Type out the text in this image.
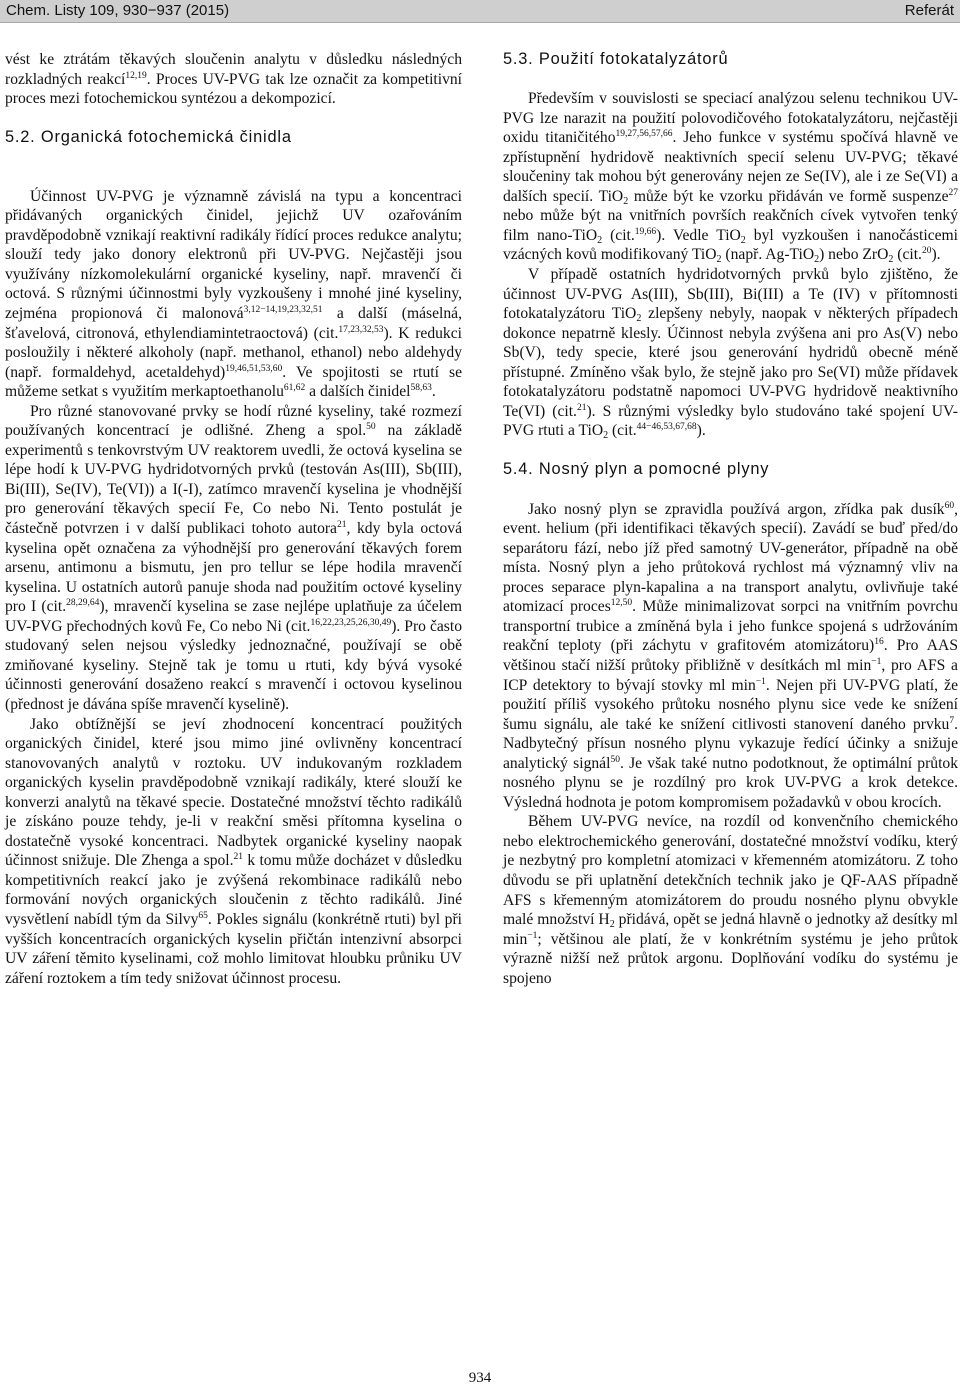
Chem. Listy 109, 930−937 (2015)	Referát

vést ke ztrátám těkavých sloučenin analytu v důsledku následných rozkladných reakcí$^{12,19}$. Proces UV-PVG tak lze označit za kompetitivní proces mezi fotochemickou syntézou a dekompozicí.

5.2. Organická fotochemická činidla

Účinnost UV-PVG je významně závislá na typu a koncentraci přidávaných organických činidel, jejichž UV ozařováním pravděpodobně vznikají reaktivní radikály řídící proces redukce analytu; slouží tedy jako donory elektronů při UV-PVG. Nejčastěji jsou využívány nízkomolekulární organické kyseliny, např. mravenčí či octová. S různými účinnostmi byly vyzkoušeny i mnohé jiné kyseliny, zejména propionová či malonová$^{3,12-14,19,23,32,51}$ a další (máselná, šťavelová, citronová, ethylendiamintetraoctová) (cit.$^{17,23,32,53}$). K redukci posloužily i některé alkoholy (např. methanol, ethanol) nebo aldehydy (např. formaldehyd, acetaldehyd)$^{19,46,51,53,60}$. Ve spojitosti se rtutí se můžeme setkat s využitím merkaptoethanolu$^{61,62}$ a dalších činidel$^{58,63}$.

Pro různé stanovované prvky se hodí různé kyseliny, také rozmezí používaných koncentrací je odlišné. Zheng a spol.$^{50}$ na základě experimentů s tenkovrstvým UV reaktorem uvedli, že octová kyselina se lépe hodí k UV-PVG hydridotvorných prvků (testován As(III), Sb(III), Bi(III), Se(IV), Te(VI)) a I(-I), zatímco mravenčí kyselina je vhodnější pro generování těkavých specií Fe, Co nebo Ni. Tento postulát je částečně potvrzen i v další publikaci tohoto autora$^{21}$, kdy byla octová kyselina opět označena za výhodnější pro generování těkavých forem arsenu, antimonu a bismutu, jen pro tellur se lépe hodila mravenčí kyselina. U ostatních autorů panuje shoda nad použitím octové kyseliny pro I (cit.$^{28,29,64}$), mravenčí kyselina se zase nejlépe uplatňuje za účelem UV-PVG přechodných kovů Fe, Co nebo Ni (cit.$^{16,22,23,25,26,30,49}$). Pro často studovaný selen nejsou výsledky jednoznačné, používají se obě zmiňované kyseliny. Stejně tak je tomu u rtuti, kdy bývá vysoké účinnosti generování dosaženo reakcí s mravenčí i octovou kyselinou (přednost je dávána spíše mravenčí kyselině).

Jako obtížnější se jeví zhodnocení koncentrací použitých organických činidel, které jsou mimo jiné ovlivněny koncentrací stanovovaných analytů v roztoku. UV indukovaným rozkladem organických kyselin pravděpodobně vznikají radikály, které slouží ke konverzi analytů na těkavé specie. Dostatečné množství těchto radikálů je získáno pouze tehdy, je-li v reakční směsi přítomna kyselina o dostatečně vysoké koncentraci. Nadbytek organické kyseliny naopak účinnost snižuje. Dle Zhenga a spol.$^{21}$ k tomu může docházet v důsledku kompetitivních reakcí jako je zvýšená rekombinace radikálů nebo formování nových organických sloučenin z těchto radikálů. Jiné vysvětlení nabídl tým da Silvy$^{65}$. Pokles signálu (konkrétně rtuti) byl při vyšších koncentracích organických kyselin přičtán intenzivní absorpci UV záření těmito kyselinami, což mohlo limitovat hloubku průniku UV záření roztokem a tím tedy snižovat účinnost procesu.

5.3. Použití fotokatalyzátorů

Především v souvislosti se speciací analýzou selenu technikou UV-PVG lze narazit na použití polovodičového fotokatalyzátoru, nejčastěji oxidu titaničitého$^{19,27,56,57,66}$. Jeho funkce v systému spočívá hlavně ve zpřístupnění hydridově neaktivních specií selenu UV-PVG; těkavé sloučeniny tak mohou být generovány nejen ze Se(IV), ale i ze Se(VI) a dalších specií. TiO$_2$ může být ke vzorku přidáván ve formě suspenze$^{27}$ nebo může být na vnitřních površích reakčních cívek vytvořen tenký film nano-TiO$_2$ (cit.$^{19,66}$). Vedle TiO$_2$ byl vyzkoušen i nanočásticemi vzácných kovů modifikovaný TiO$_2$ (např. Ag-TiO$_2$) nebo ZrO$_2$ (cit.$^{20}$).

V případě ostatních hydridotvorných prvků bylo zjištěno, že účinnost UV-PVG As(III), Sb(III), Bi(III) a Te (IV) v přítomnosti fotokatalyzátoru TiO$_2$ zlepšeny nebyly, naopak v některých případech dokonce nepatrně klesly. Účinnost nebyla zvýšena ani pro As(V) nebo Sb(V), tedy specie, které jsou generování hydridů obecně méně přístupné. Zmíněno však bylo, že stejně jako pro Se(VI) může přídavek fotokatalyzátoru podstatně napomoci UV-PVG hydridově neaktivního Te(VI) (cit.$^{21}$). S různými výsledky bylo studováno také spojení UV-PVG rtuti a TiO$_2$ (cit.$^{44-46,53,67,68}$).

5.4. Nosný plyn a pomocné plyny

Jako nosný plyn se zpravidla používá argon, zřídka pak dusík$^{60}$, event. helium (při identifikaci těkavých specií). Zavádí se buď před/do separátoru fází, nebo jíž před samotný UV-generátor, případně na obě místa. Nosný plyn a jeho průtoková rychlost má významný vliv na proces separace plyn-kapalina a na transport analytu, ovlivňuje také atomizací proces$^{12,50}$. Může minimalizovat sorpci na vnitřním povrchu transportní trubice a zmíněná byla i jeho funkce spojená s udržováním reakční teploty (při záchytu v grafitovém atomizátoru)$^{16}$. Pro AAS většinou stačí nižší průtoky přibližně v desítkách ml $\min^{-1}$, pro AFS a ICP detektory to bývají stovky ml $\min^{-1}$. Nejen při UV-PVG platí, že použití příliš vysokého průtoku nosného plynu sice vede ke snížení šumu signálu, ale také ke snížení citlivosti stanovení daného prvku$^7$. Nadbytečný přísun nosného plynu vykazuje ředící účinky a snižuje analytický signál$^{50}$. Je však také nutno podotknout, že optimální průtok nosného plynu se je rozdílný pro krok UV-PVG a krok detekce. Výsledná hodnota je potom kompromisem požadavků v obou krocích.

Během UV-PVG nevíce, na rozdíl od konvenčního chemického nebo elektrochemického generování, dostatečné množství vodíku, který je nezbytný pro kompletní atomizaci v křemenném atomizátoru. Z toho důvodu se při uplatnění detekčních technik jako je QF-AAS případně AFS s křemenným atomizátorem do proudu nosného plynu obvykle malé množství $H_2$ přidává, opět se jedná hlavně o jednotky až desítky ml $\min^{-1}$; většinou ale platí, že v konkrétním systému je jeho průtok výrazně nižší než průtok argonu. Doplňování vodíku do systému je spojeno

934
